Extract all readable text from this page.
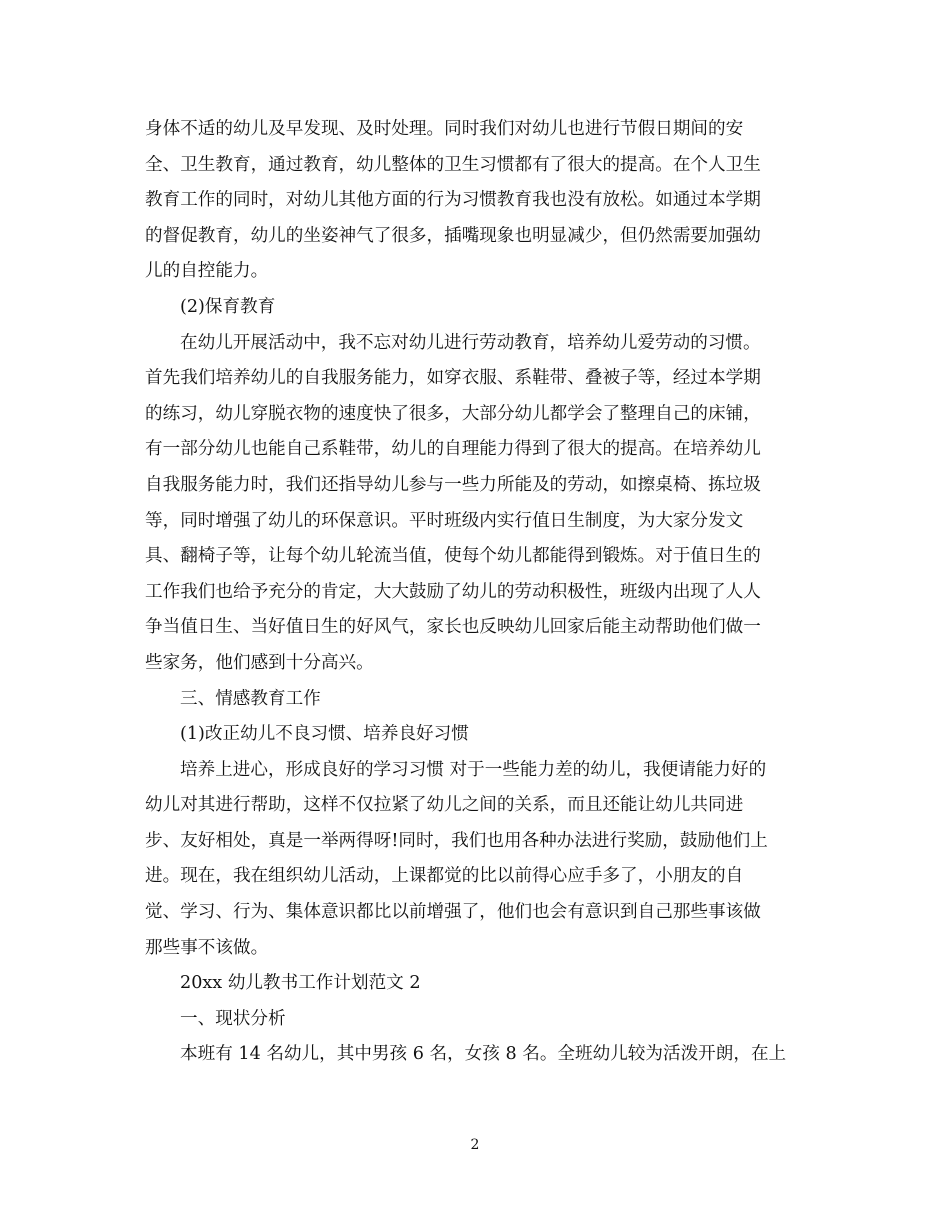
身体不适的幼儿及早发现、及时处理。同时我们对幼儿也进行节假日期间的安
全、卫生教育，通过教育，幼儿整体的卫生习惯都有了很大的提高。在个人卫生
教育工作的同时，对幼儿其他方面的行为习惯教育我也没有放松。如通过本学期
的督促教育，幼儿的坐姿神气了很多，插嘴现象也明显减少，但仍然需要加强幼
儿的自控能力。
(2)保育教育
在幼儿开展活动中，我不忘对幼儿进行劳动教育，培养幼儿爱劳动的习惯。
首先我们培养幼儿的自我服务能力，如穿衣服、系鞋带、叠被子等，经过本学期
的练习，幼儿穿脱衣物的速度快了很多，大部分幼儿都学会了整理自己的床铺，
有一部分幼儿也能自己系鞋带，幼儿的自理能力得到了很大的提高。在培养幼儿
自我服务能力时，我们还指导幼儿参与一些力所能及的劳动，如擦桌椅、拣垃圾
等，同时增强了幼儿的环保意识。平时班级内实行值日生制度，为大家分发文
具、翻椅子等，让每个幼儿轮流当值，使每个幼儿都能得到锻炼。对于值日生的
工作我们也给予充分的肯定，大大鼓励了幼儿的劳动积极性，班级内出现了人人
争当值日生、当好值日生的好风气，家长也反映幼儿回家后能主动帮助他们做一
些家务，他们感到十分高兴。
三、情感教育工作
(1)改正幼儿不良习惯、培养良好习惯
培养上进心，形成良好的学习习惯 对于一些能力差的幼儿，我便请能力好的
幼儿对其进行帮助，这样不仅拉紧了幼儿之间的关系，而且还能让幼儿共同进
步、友好相处，真是一举两得呀!同时，我们也用各种办法进行奖励，鼓励他们上
进。现在，我在组织幼儿活动，上课都觉的比以前得心应手多了，小朋友的自
觉、学习、行为、集体意识都比以前增强了，他们也会有意识到自己那些事该做
那些事不该做。
20xx 幼儿教书工作计划范文 2
一、现状分析
本班有 14 名幼儿，其中男孩 6 名，女孩 8 名。全班幼儿较为活泼开朗，在上
2
